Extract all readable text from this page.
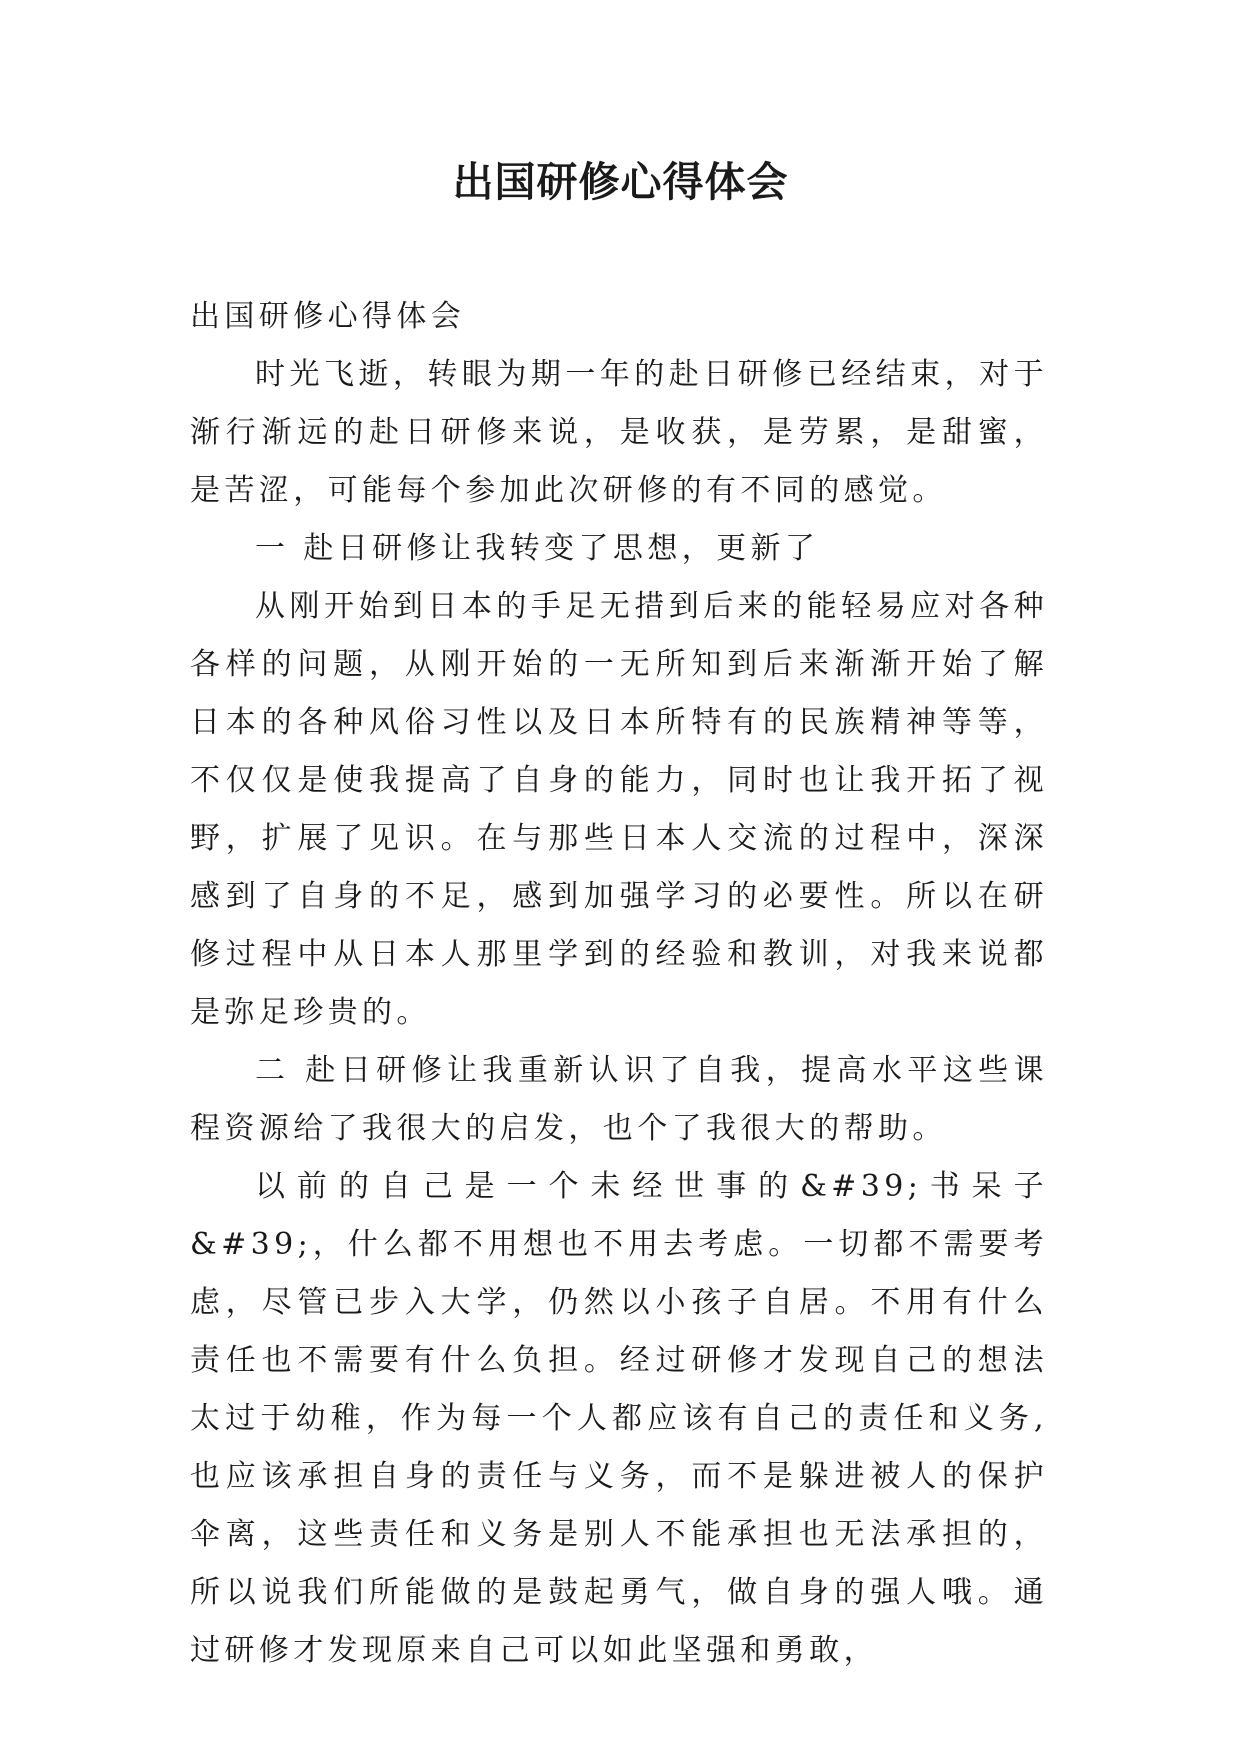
出国研修心得体会

出国研修心得体会

时光飞逝，转眼为期一年的赴日研修已经结束，对于渐行渐远的赴日研修来说，是收获，是劳累，是甜蜜，是苦涩，可能每个参加此次研修的有不同的感觉。

一 赴日研修让我转变了思想，更新了

从刚开始到日本的手足无措到后来的能轻易应对各种各样的问题，从刚开始的一无所知到后来渐渐开始了解日本的各种风俗习性以及日本所特有的民族精神等等，不仅仅是使我提高了自身的能力，同时也让我开拓了视野，扩展了见识。在与那些日本人交流的过程中，深深感到了自身的不足，感到加强学习的必要性。所以在研修过程中从日本人那里学到的经验和教训，对我来说都是弥足珍贵的。

二 赴日研修让我重新认识了自我，提高水平这些课程资源给了我很大的启发，也个了我很大的帮助。

以前的自己是一个未经世事的&#39;书呆子&#39;，什么都不用想也不用去考虑。一切都不需要考虑，尽管已步入大学，仍然以小孩子自居。不用有什么责任也不需要有什么负担。经过研修才发现自己的想法太过于幼稚，作为每一个人都应该有自己的责任和义务,也应该承担自身的责任与义务，而不是躲进被人的保护伞离，这些责任和义务是别人不能承担也无法承担的，所以说我们所能做的是鼓起勇气，做自身的强人哦。通过研修才发现原来自己可以如此坚强和勇敢，
